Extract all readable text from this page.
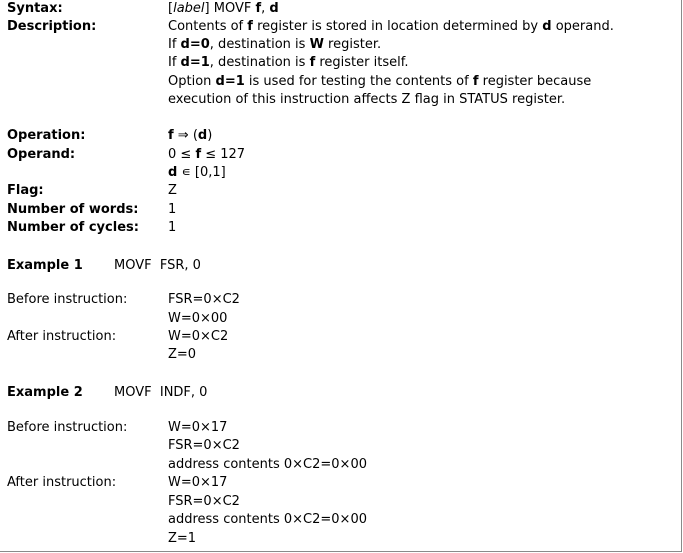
Syntax:	[label] MOVF f, d
Description:	Contents of f register is stored in location determined by d operand.
If d=0, destination is W register.
If d=1, destination is f register itself.
Option d=1 is used for testing the contents of f register because
execution of this instruction affects Z flag in STATUS register.
Operation:	f ⇒ (d)
Operand:	0 ≤ f ≤ 127
d ∊ [0,1]
Flag:	Z
Number of words: 1
Number of cycles: 1
Example 1 MOVF  FSR, 0
Before instruction:	FSR=0×C2
W=0×00
After instruction:	W=0×C2
Z=0
Example 2 MOVF  INDF, 0
Before instruction:	W=0×17
FSR=0×C2
address contents 0×C2=0×00
After instruction:	W=0×17
FSR=0×C2
address contents 0×C2=0×00
Z=1
